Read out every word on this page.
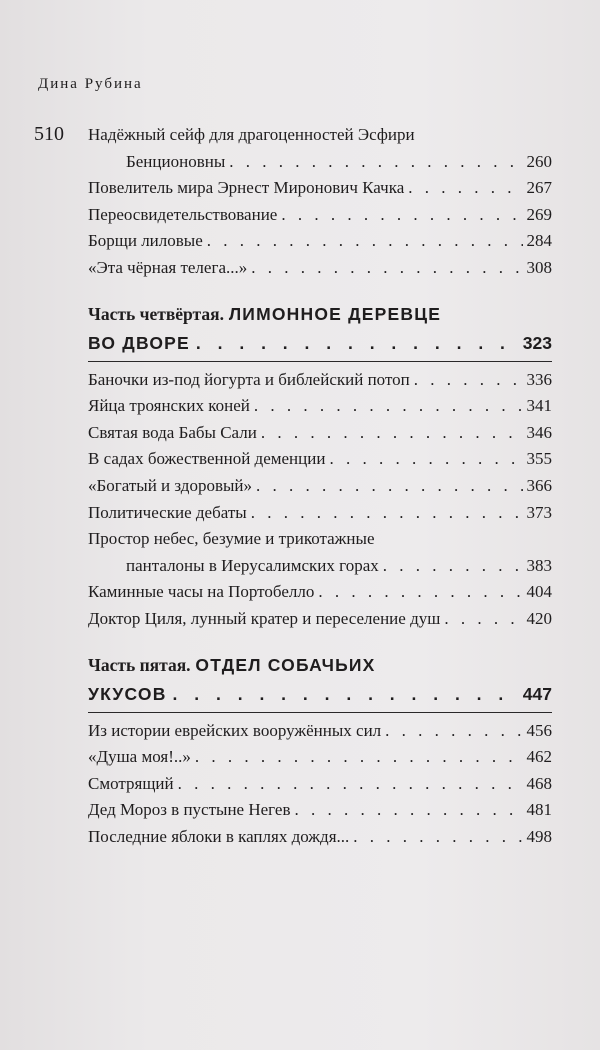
Дина Рубина
510 Надёжный сейф для драгоценностей Эсфири
Бенционовны . . .	260
Повелитель мира Эрнест Миронович Качка . . .	267
Переосвидетельствование . . .	269
Борщи лиловые . . .	284
«Эта чёрная телега...» . . .	308
Часть четвёртая. ЛИМОННОЕ ДЕРЕВЦЕ
ВО ДВОРЕ . . .	323
Баночки из-под йогурта и библейский потоп . . .	336
Яйца троянских коней . . .	341
Святая вода Бабы Сали . . .	346
В садах божественной деменции . . .	355
«Богатый и здоровый» . . .	366
Политические дебаты . . .	373
Простор небес, безумие и трикотажные
панталоны в Иерусалимских горах . . .	383
Каминные часы на Портобелло . . .	404
Доктор Циля, лунный кратер и переселение душ . . .	420
Часть пятая. ОТДЕЛ СОБАЧЬИХ
УКУСОВ . . .	447
Из истории еврейских вооружённых сил . . .	456
«Душа моя!..» . . .	462
Смотрящий . . .	468
Дед Мороз в пустыне Негев . . .	481
Последние яблоки в каплях дождя... . . .	498
